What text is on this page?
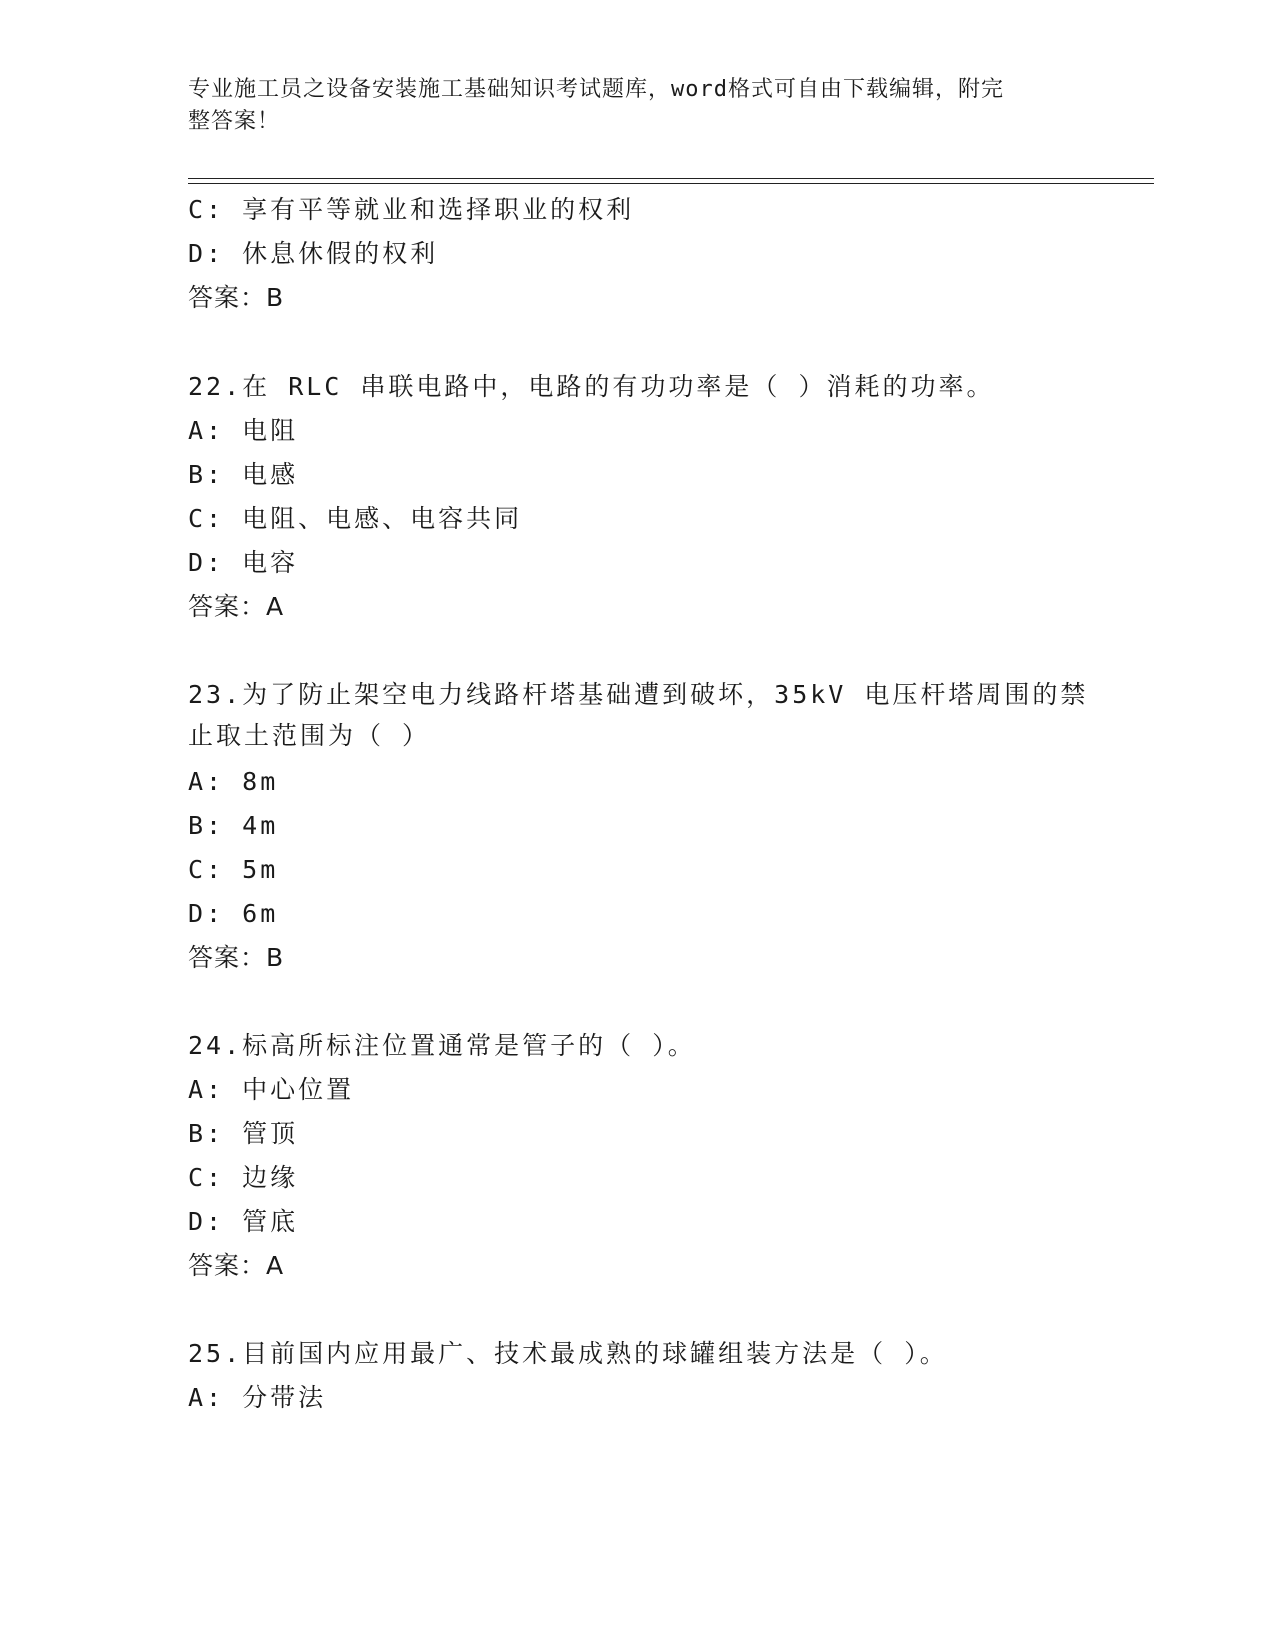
专业施工员之设备安装施工基础知识考试题库，word格式可自由下载编辑，附完
整答案！
C: 享有平等就业和选择职业的权利
D: 休息休假的权利
答案：B
22.在 RLC 串联电路中，电路的有功功率是（ ）消耗的功率。
A: 电阻
B: 电感
C: 电阻、电感、电容共同
D: 电容
答案：A
23.为了防止架空电力线路杆塔基础遭到破坏，35kV 电压杆塔周围的禁
止取土范围为（ ）
A: 8m
B: 4m
C: 5m
D: 6m
答案：B
24.标高所标注位置通常是管子的（ ）。
A: 中心位置
B: 管顶
C: 边缘
D: 管底
答案：A
25.目前国内应用最广、技术最成熟的球罐组装方法是（ ）。
A: 分带法
